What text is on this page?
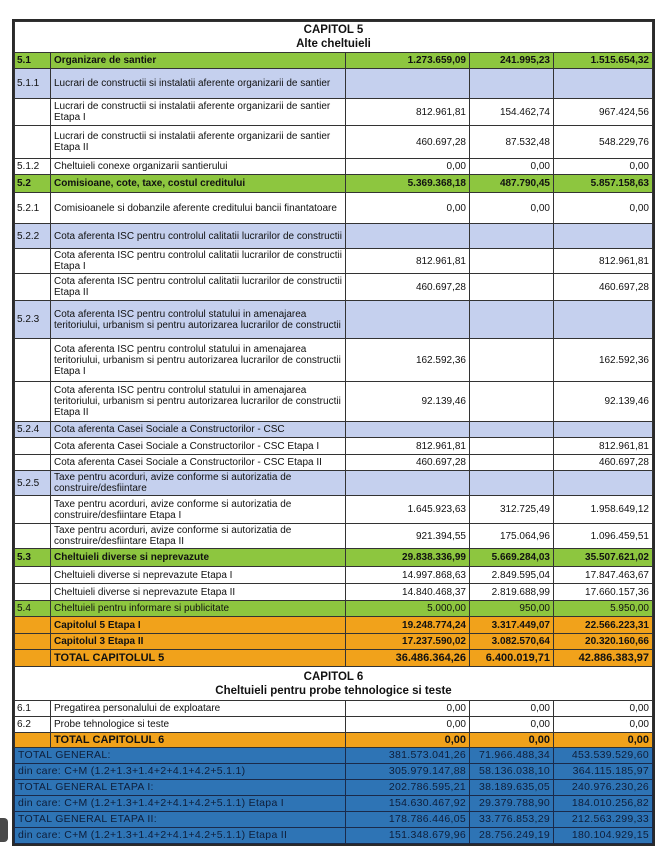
CAPITOL 5
Alte cheltuieli				

5.1	Organizare de santier	1.273.659,09	241.995,23	1.515.654,32
5.1.1	Lucrari de constructii si instalatii aferente organizarii de santier			
	Lucrari de constructii si instalatii aferente organizarii de santier Etapa I	812.961,81	154.462,74	967.424,56
	Lucrari de constructii si instalatii aferente organizarii de santier Etapa II	460.697,28	87.532,48	548.229,76
5.1.2	Cheltuieli conexe organizarii santierului	0,00	0,00	0,00
5.2	Comisioane, cote, taxe, costul creditului	5.369.368,18	487.790,45	5.857.158,63
5.2.1	Comisioanele si dobanzile aferente creditului bancii finantatoare	0,00	0,00	0,00
5.2.2	Cota aferenta ISC pentru controlul calitatii lucrarilor de constructii			
	Cota aferenta ISC pentru controlul calitatii lucrarilor de constructii Etapa I	812.961,81		812.961,81
	Cota aferenta ISC pentru controlul calitatii lucrarilor de constructii Etapa II	460.697,28		460.697,28
5.2.3	Cota aferenta ISC pentru controlul statului in amenajarea teritoriului, urbanism si pentru autorizarea lucrarilor de constructii			
	Cota aferenta ISC pentru controlul statului in amenajarea teritoriului, urbanism si pentru autorizarea lucrarilor de constructii Etapa I	162.592,36		162.592,36
	Cota aferenta ISC pentru controlul statului in amenajarea teritoriului, urbanism si pentru autorizarea lucrarilor de constructii Etapa II	92.139,46		92.139,46
5.2.4	Cota aferenta Casei Sociale a Constructorilor - CSC			
	Cota aferenta Casei Sociale a Constructorilor - CSC Etapa I	812.961,81		812.961,81
	Cota aferenta Casei Sociale a Constructorilor - CSC Etapa II	460.697,28		460.697,28
5.2.5	Taxe pentru acorduri, avize conforme si autorizatia de construire/desfiintare			
	Taxe pentru acorduri, avize conforme si autorizatia de construire/desfiintare Etapa I	1.645.923,63	312.725,49	1.958.649,12
	Taxe pentru acorduri, avize conforme si autorizatia de construire/desfiintare Etapa II	921.394,55	175.064,96	1.096.459,51
5.3	Cheltuieli diverse si neprevazute	29.838.336,99	5.669.284,03	35.507.621,02
	Cheltuieli diverse si neprevazute Etapa I	14.997.868,63	2.849.595,04	17.847.463,67
	Cheltuieli diverse si neprevazute Etapa II	14.840.468,37	2.819.688,99	17.660.157,36
5.4	Cheltuieli pentru informare si publicitate	5.000,00	950,00	5.950,00
	Capitolul 5 Etapa I	19.248.774,24	3.317.449,07	22.566.223,31
	Capitolul 3 Etapa II	17.237.590,02	3.082.570,64	20.320.160,66
	TOTAL CAPITOLUL 5	36.486.364,26	6.400.019,71	42.886.383,97

CAPITOL 6
Cheltuieli pentru probe tehnologice si teste				

6.1	Pregatirea personalului de exploatare	0,00	0,00	0,00
6.2	Probe tehnologice si teste	0,00	0,00	0,00
	TOTAL CAPITOLUL 6	0,00	0,00	0,00
TOTAL GENERAL:		381.573.041,26	71.966.488,34	453.539.529,60
din care: C+M (1.2+1.3+1.4+2+4.1+4.2+5.1.1)		305.979.147,88	58.136.038,10	364.115.185,97
TOTAL GENERAL ETAPA I:		202.786.595,21	38.189.635,05	240.976.230,26
din care: C+M (1.2+1.3+1.4+2+4.1+4.2+5.1.1) Etapa I		154.630.467,92	29.379.788,90	184.010.256,82
TOTAL GENERAL ETAPA II:		178.786.446,05	33.776.853,29	212.563.299,33
din care: C+M (1.2+1.3+1.4+2+4.1+4.2+5.1.1) Etapa II		151.348.679,96	28.756.249,19	180.104.929,15
